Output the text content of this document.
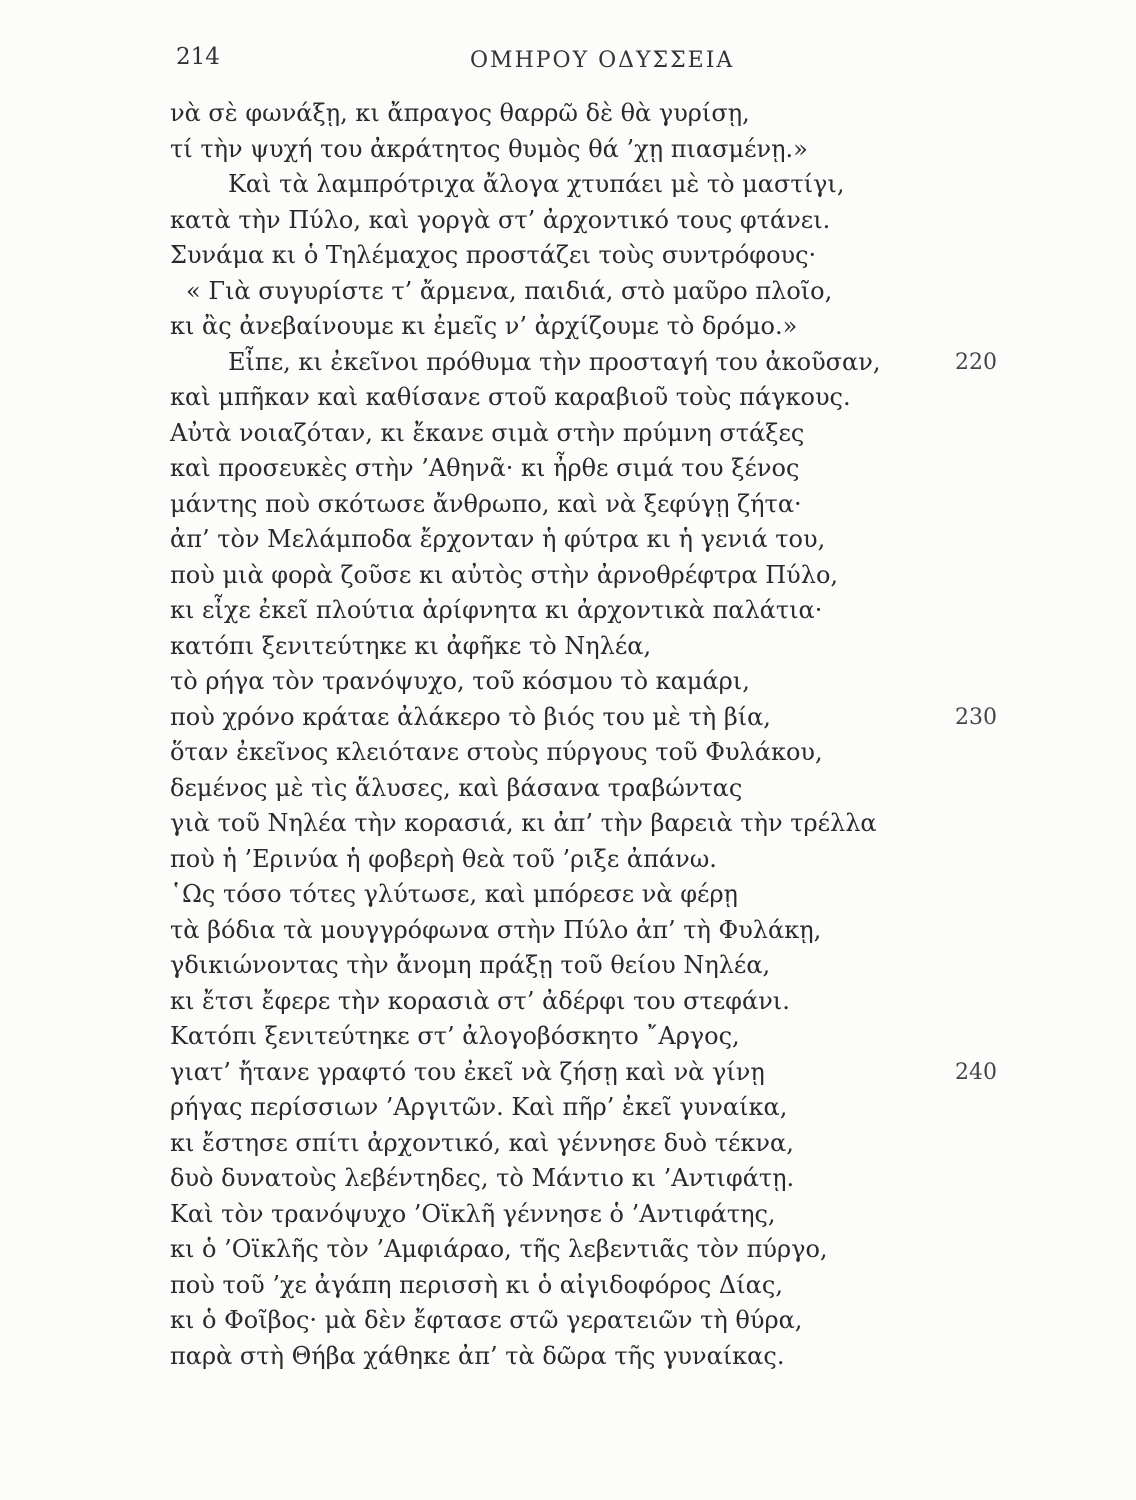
214	ΟΜΗΡΟΥ ΟΔΥΣΣΕΙΑ
νὰ σὲ φωνάξῃ, κι ἄπραγος θαρρῶ δὲ θὰ γυρίσῃ,
τί τὴν ψυχή του ἀκράτητος θυμὸς θά ’χῃ πιασμένῃ.»
Καὶ τὰ λαμπρότριχα ἄλογα χτυπάει μὲ τὸ μαστίγι,
κατὰ τὴν Πύλο, καὶ γοργὰ στ’ ἀρχοντικό τους φτάνει.
Συνάμα κι ὁ Τηλέμαχος προστάζει τοὺς συντρόφους·
« Γιὰ συγυρίστε τ’ ἄρμενα, παιδιά, στὸ μαῦρο πλοῖο,
κι ἂς ἀνεβαίνουμε κι ἐμεῖς ν’ ἀρχίζουμε τὸ δρόμο.»
Εἶπε, κι ἐκεῖνοι πρόθυμα τὴν προσταγή του ἀκοῦσαν,	220
καὶ μπῆκαν καὶ καθίσανε στοῦ καραβιοῦ τοὺς πάγκους.
Αὐτὰ νοιαζόταν, κι ἔκανε σιμὰ στὴν πρύμνη στάξες
καὶ προσευκὲς στὴν ’Αθηνᾶ· κι ἦρθε σιμά του ξένος
μάντης ποὺ σκότωσε ἄνθρωπο, καὶ νὰ ξεφύγῃ ζήτα·
ἀπ’ τὸν Μελάμποδα ἔρχονταν ἡ φύτρα κι ἡ γενιά του,
ποὺ μιὰ φορὰ ζοῦσε κι αὐτὸς στὴν ἀρνοθρέφτρα Πύλο,
κι εἶχε ἐκεῖ πλούτια ἀρίφνητα κι ἀρχοντικὰ παλάτια·
κατόπι ξενιτεύτηκε κι ἀφῆκε τὸ Νηλέα,
τὸ ρήγα τὸν τρανόψυχο, τοῦ κόσμου τὸ καμάρι,
ποὺ χρόνο κράταε ἀλάκερο τὸ βιός του μὲ τὴ βία,	230
ὅταν ἐκεῖνος κλειότανε στοὺς πύργους τοῦ Φυλάκου,
δεμένος μὲ τὶς ἅλυσες, καὶ βάσανα τραβώντας
γιὰ τοῦ Νηλέα τὴν κορασιά, κι ἀπ’ τὴν βαρειὰ τὴν τρέλλα
ποὺ ἡ ’Ερινύα ἡ φοβερὴ θεὰ τοῦ ’ριξε ἀπάνω.
῾Ως τόσο τότες γλύτωσε, καὶ μπόρεσε νὰ φέρῃ
τὰ βόδια τὰ μουγγρόφωνα στὴν Πύλο ἀπ’ τὴ Φυλάκῃ,
γδικιώνοντας τὴν ἄνομη πράξῃ τοῦ θείου Νηλέα,
κι ἔτσι ἔφερε τὴν κορασιὰ στ’ ἀδέρφι του στεφάνι.
Κατόπι ξενιτεύτηκε στ’ ἀλογοβόσκητο ῎Αργος,
γιατ’ ἤτανε γραφτό του ἐκεῖ νὰ ζήσῃ καὶ νὰ γίνῃ	240
ρήγας περίσσιων ’Αργιτῶν. Καὶ πῆρ’ ἐκεῖ γυναίκα,
κι ἔστησε σπίτι ἀρχοντικό, καὶ γέννησε δυὸ τέκνα,
δυὸ δυνατοὺς λεβέντηδες, τὸ Μάντιο κι ’Αντιφάτῃ.
Καὶ τὸν τρανόψυχο ’Οϊκλῆ γέννησε ὁ ’Αντιφάτης,
κι ὁ ’Οϊκλῆς τὸν ’Αμφιάραο, τῆς λεβεντιᾶς τὸν πύργο,
ποὺ τοῦ ’χε ἀγάπη περισσὴ κι ὁ αἰγιδοφόρος Δίας,
κι ὁ Φοῖβος· μὰ δὲν ἔφτασε στῶ γερατειῶν τὴ θύρα,
παρὰ στὴ Θήβα χάθηκε ἀπ’ τὰ δῶρα τῆς γυναίκας.
